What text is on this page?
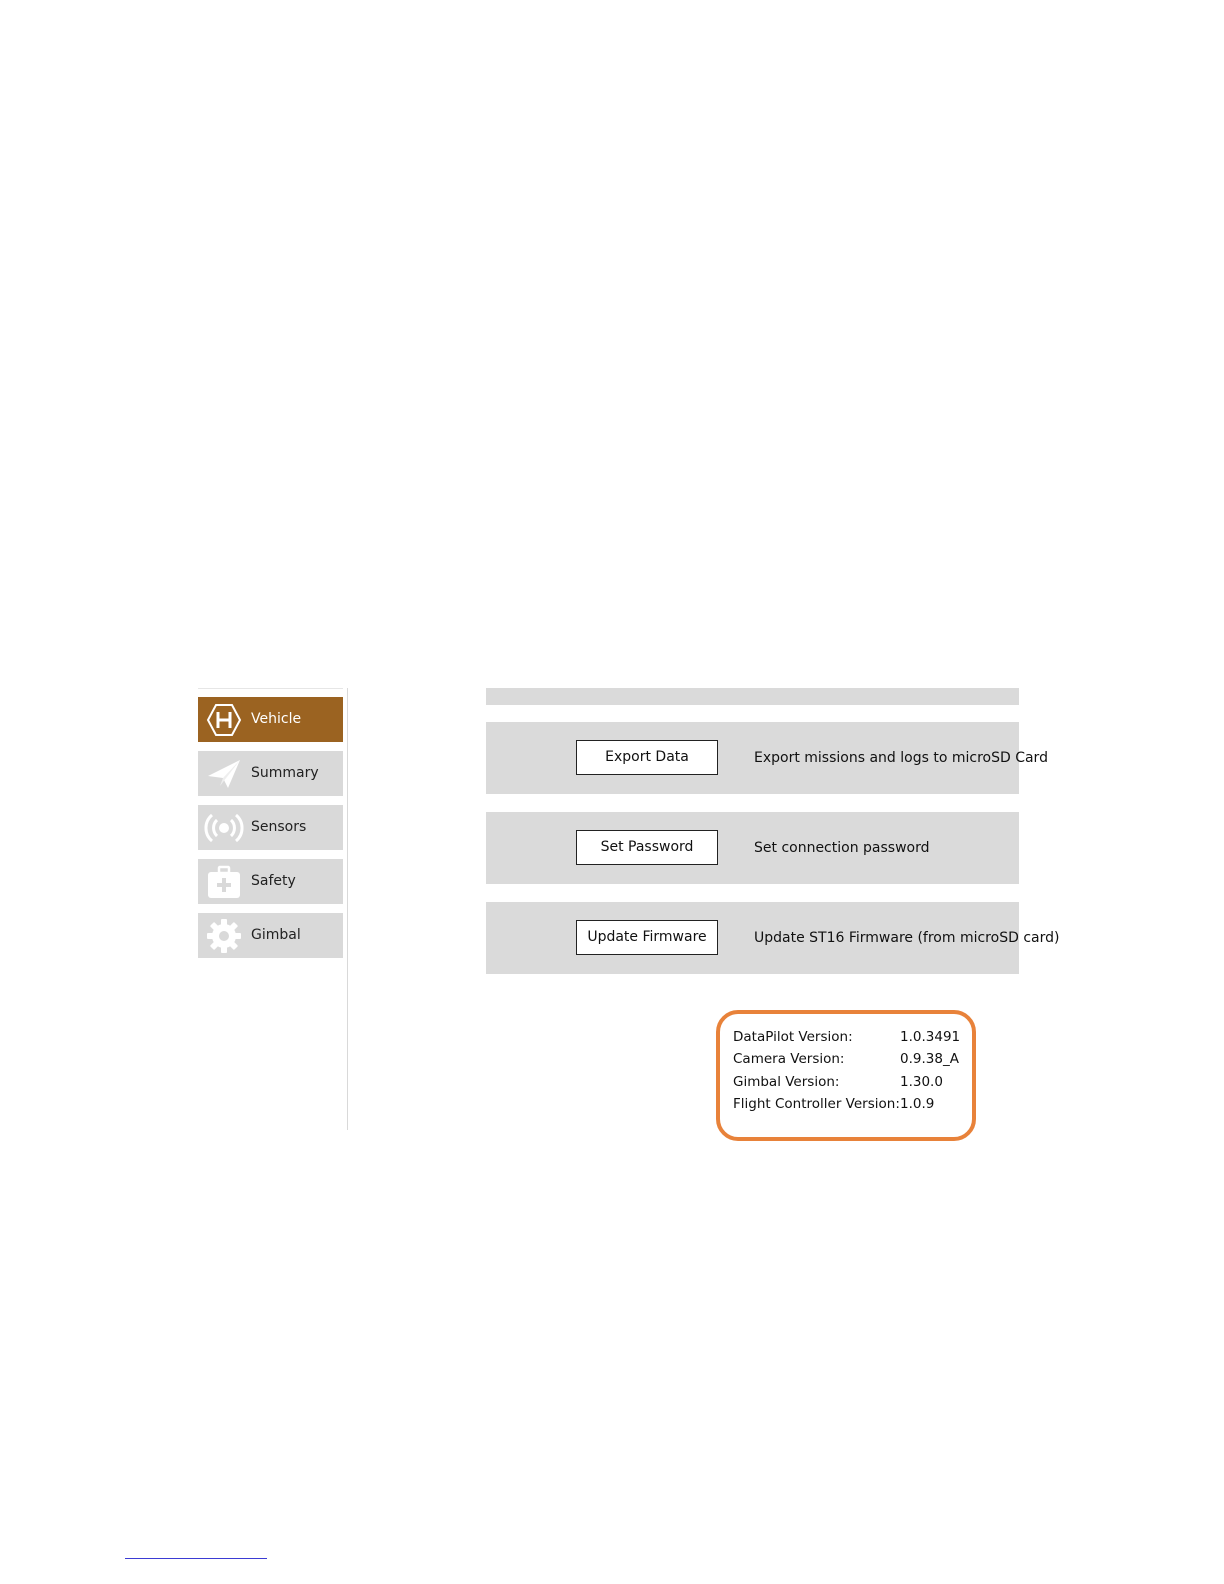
Vehicle
Summary
Sensors
Safety
Gimbal
Export Data	Export missions and logs to microSD Card
Set Password	Set connection password
Update Firmware	Update ST16 Firmware (from microSD card)
DataPilot Version:	1.0.3491
Camera Version:	0.9.38_A
Gimbal Version:	1.30.0
Flight Controller Version:1.0.9
